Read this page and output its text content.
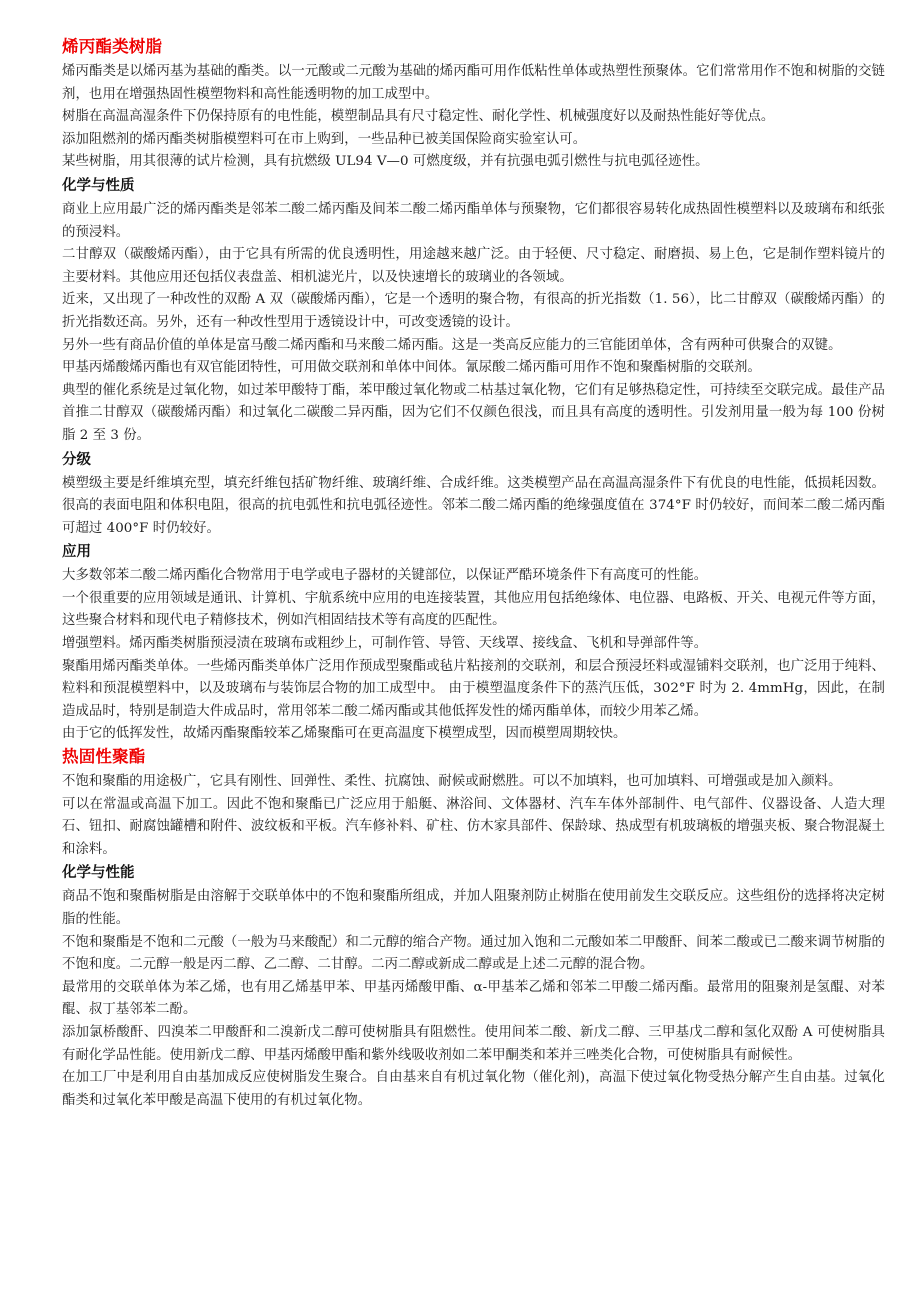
烯丙酯类树脂

烯丙酯类是以烯丙基为基础的酯类。以一元酸或二元酸为基础的烯丙酯可用作低粘性单体或热塑性预聚体。它们常常用作不饱和树脂的交链剂，也用在增强热固性模塑物料和高性能透明物的加工成型中。

树脂在高温高湿条件下仍保持原有的电性能，模塑制品具有尺寸稳定性、耐化学性、机械强度好以及耐热性能好等优点。

添加阻燃剂的烯丙酯类树脂模塑料可在市上购到，一些品种已被美国保险商实验室认可。

某些树脂，用其很薄的试片检测，具有抗燃级 UL94 V—0 可燃度级，并有抗强电弧引燃性与抗电弧径迹性。

化学与性质

商业上应用最广泛的烯丙酯类是邻苯二酸二烯丙酯及间苯二酸二烯丙酯单体与预聚物，它们都很容易转化成热固性模塑料以及玻璃布和纸张的预浸料。

二甘醇双（碳酸烯丙酯），由于它具有所需的优良透明性，用途越来越广泛。由于轻便、尺寸稳定、耐磨损、易上色，它是制作塑料镜片的主要材料。其他应用还包括仪表盘盖、相机滤光片，以及快速增长的玻璃业的各领域。

近来，又出现了一种改性的双酚 A 双（碳酸烯丙酯），它是一个透明的聚合物，有很高的折光指数（1. 56），比二甘醇双（碳酸烯丙酯）的折光指数还高。另外，还有一种改性型用于透镜设计中，可改变透镜的设计。

另外一些有商品价值的单体是富马酸二烯丙酯和马来酸二烯丙酯。这是一类高反应能力的三官能团单体，含有两种可供聚合的双键。

甲基丙烯酸烯丙酯也有双官能团特性，可用做交联剂和单体中间体。氰尿酸二烯丙酯可用作不饱和聚酯树脂的交联剂。

典型的催化系统是过氧化物，如过苯甲酸特丁酯，苯甲酸过氧化物或二枯基过氧化物，它们有足够热稳定性，可持续至交联完成。最佳产品首推二甘醇双（碳酸烯丙酯）和过氧化二碳酸二异丙酯，因为它们不仅颜色很浅，而且具有高度的透明性。引发剂用量一般为每 100 份树脂 2 至 3 份。

分级

模塑级主要是纤维填充型，填充纤维包括矿物纤维、玻璃纤维、合成纤维。这类模塑产品在高温高湿条件下有优良的电性能，低损耗因数。很高的表面电阻和体积电阻，很高的抗电弧性和抗电弧径迹性。邻苯二酸二烯丙酯的绝缘强度值在 374°F 时仍较好，而间苯二酸二烯丙酯可超过 400°F 时仍较好。

应用

大多数邻苯二酸二烯丙酯化合物常用于电学或电子器材的关键部位，以保证严酷环境条件下有高度可的性能。

一个很重要的应用领域是通讯、计算机、宇航系统中应用的电连接装置，其他应用包括绝缘体、电位器、电路板、开关、电视元件等方面，这些聚合材料和现代电子精修技术，例如汽相固结技术等有高度的匹配性。

增强塑料。烯丙酯类树脂预浸渍在玻璃布或粗纱上，可制作管、导管、天线罩、接线盒、飞机和导弹部件等。

聚酯用烯丙酯类单体。一些烯丙酯类单体广泛用作预成型聚酯或毡片粘接剂的交联剂，和层合预浸坯料或湿铺料交联剂，也广泛用于纯料、粒料和预混模塑料中，以及玻璃布与装饰层合物的加工成型中。 由于模塑温度条件下的蒸汽压低，302°F 时为 2. 4mmHg，因此，在制造成品时，特别是制造大件成品时，常用邻苯二酸二烯丙酯或其他低挥发性的烯丙酯单体，而较少用苯乙烯。

由于它的低挥发性，故烯丙酯聚酯较苯乙烯聚酯可在更高温度下模塑成型，因而模塑周期较快。

热固性聚酯

不饱和聚酯的用途极广，它具有刚性、回弹性、柔性、抗腐蚀、耐候或耐燃胜。可以不加填料，也可加填料、可增强或是加入颜料。

可以在常温或高温下加工。因此不饱和聚酯已广泛应用于船艇、淋浴间、文体器材、汽车车体外部制件、电气部件、仪器设备、人造大理石、钮扣、耐腐蚀罐槽和附件、波纹板和平板。汽车修补料、矿柱、仿木家具部件、保龄球、热成型有机玻璃板的增强夹板、聚合物混凝土和涂料。

化学与性能

商品不饱和聚酯树脂是由溶解于交联单体中的不饱和聚酯所组成，并加人阻聚剂防止树脂在使用前发生交联反应。这些组份的选择将决定树脂的性能。

不饱和聚酯是不饱和二元酸（一般为马来酸配）和二元醇的缩合产物。通过加入饱和二元酸如苯二甲酸酐、间苯二酸或已二酸来调节树脂的不饱和度。二元醇一般是丙二醇、乙二醇、二甘醇。二丙二醇或新成二醇或是上述二元醇的混合物。

最常用的交联单体为苯乙烯，也有用乙烯基甲苯、甲基丙烯酸甲酯、α-甲基苯乙烯和邻苯二甲酸二烯丙酯。最常用的阻聚剂是氢醌、对苯醌、叔丁基邻苯二酚。

添加氯桥酸酐、四溴苯二甲酸酐和二溴新戊二醇可使树脂具有阻燃性。使用间苯二酸、新戊二醇、三甲基戊二醇和氢化双酚 A 可使树脂具有耐化学品性能。使用新戊二醇、甲基丙烯酸甲酯和紫外线吸收剂如二苯甲酮类和苯并三唑类化合物，可使树脂具有耐候性。

在加工厂中是利用自由基加成反应使树脂发生聚合。自由基来自有机过氧化物（催化剂)，高温下使过氧化物受热分解产生自由基。过氧化酯类和过氧化苯甲酸是高温下使用的有机过氧化物。
